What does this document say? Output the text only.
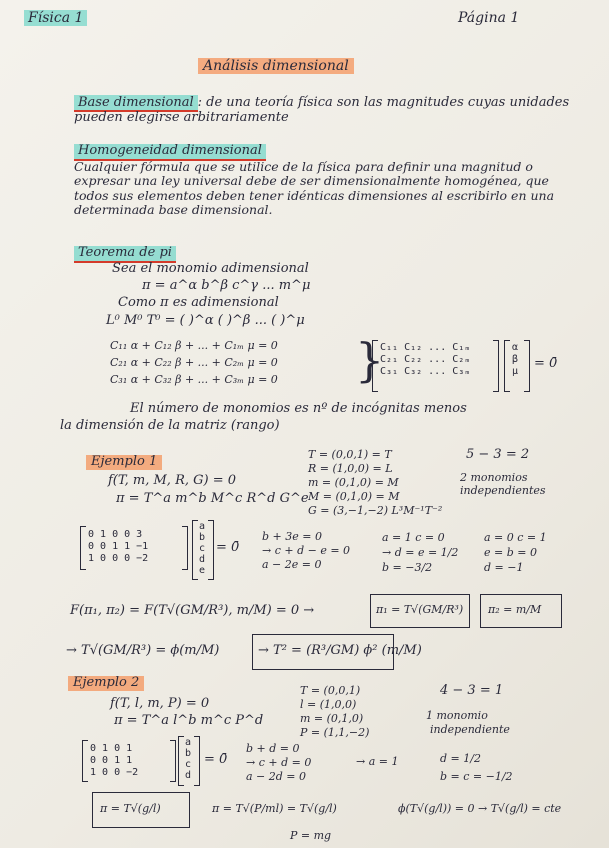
Física 1	Página 1
Análisis dimensional
Base dimensional : de una teoría física son las magnitudes cuyas unidades pueden elegirse arbitrariamente
Homogeneidad dimensional
Cualquier fórmula que se utilice de la física para definir una magnitud o expresar una ley universal debe de ser dimensionalmente homogénea, que todos sus elementos deben tener idénticas dimensiones al escribirlo en una determinada base dimensional.
Teorema de pi
Sea el monomio adimensional
π = a^α b^β c^γ ... m^μ
Como π es adimensional
L⁰ M⁰ T⁰ = ( )^α ( )^β ... ( )^μ
C₁₁ α + C₁₂ β + ... + C₁ₘ μ = 0
C₂₁ α + C₂₂ β + ... + C₂ₘ μ = 0
C₃₁ α + C₃₂ β + ... + C₃ₘ μ = 0 }
C₁₁ C₁₂ ... C₁ₘ
C₂₁ C₂₂ ... C₂ₘ
C₃₁ C₃₂ ... C₃ₘ
α
β
μ
= 0̄
El número de monomios es nº de incógnitas menos
la dimensión de la matriz (rango)
Ejemplo 1
f(T, m, M, R, G) = 0
π = T^a m^b M^c R^d G^e
T = (0,0,1) = T
R = (1,0,0) = L
m = (0,1,0) = M
M = (0,1,0) = M
G = (3,−1,−2) L³M⁻¹T⁻²
5 − 3 = 2
2 monomios independientes
0 1 0 0 3
0 0 1 1 −1
1 0 0 0 −2
a
b
c
d
e
= 0̄
b + 3e = 0
→ c + d − e = 0
a − 2e = 0
a = 1 c = 0
→ d = e = 1/2
b = −3/2
a = 0 c = 1
e = b = 0
d = −1
F(π₁, π₂) = F(T√(GM/R³), m/M) = 0 →	π₁ = T√(GM/R³) π₂ = m/M
→ T√(GM/R³) = ϕ(m/M)	→ T² = (R³/GM) ϕ² (m/M)
Ejemplo 2
f(T, l, m, P) = 0
π = T^a l^b m^c P^d
T = (0,0,1)
l = (1,0,0)
m = (0,1,0)
P = (1,1,−2)
4 − 3 = 1
1 monomio
independiente
0 1 0 1
0 0 1 1
1 0 0 −2
a
b
c
d
= 0̄
b + d = 0
→ c + d = 0
a − 2d = 0
→ a = 1	d = 1/2
b = c = −1/2
π = T√(g/l)	π = T√(P/ml) = T√(g/l)
P = mg
ϕ(T√(g/l)) = 0 → T√(g/l) = cte
